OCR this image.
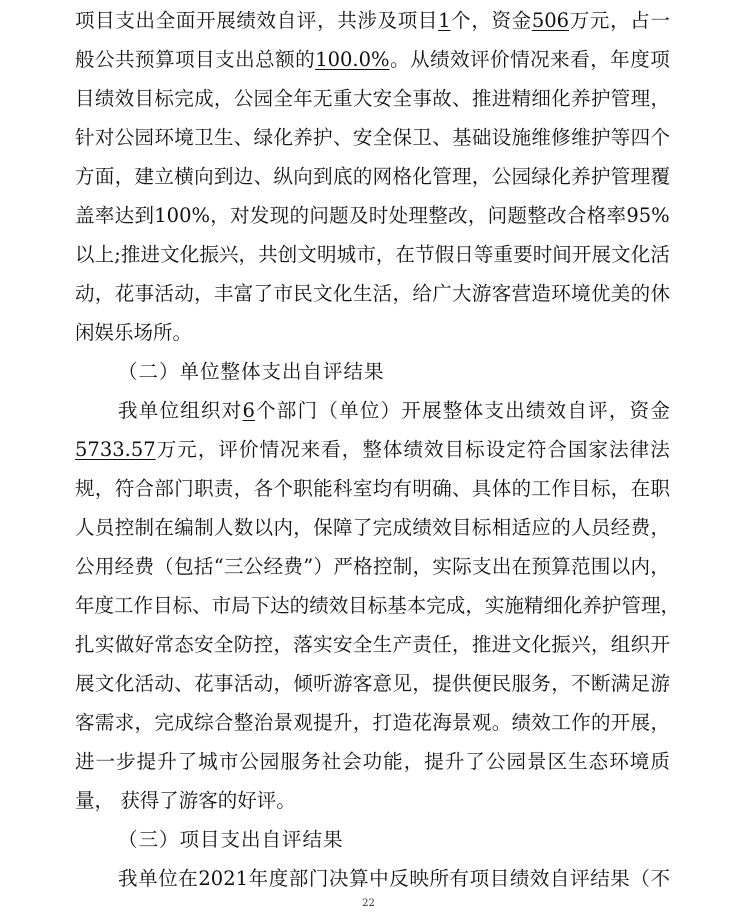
项 目 支 出 全 面 开 展 绩 效 自 评 ， 共 涉 及 项 目 1 个 ， 资 金 506 万 元 ， 占 一
般 公 共 预 算 项 目 支 出 总 额 的 100.0% 。 从 绩 效 评 价 情 况 来 看 ， 年 度 项
目 绩 效 目 标 完 成 ， 公 园 全 年 无 重 大 安 全 事 故 、 推 进 精 细 化 养 护 管 理 ，
针 对 公 园 环 境 卫 生 、 绿 化 养 护 、 安 全 保 卫 、 基 础 设 施 维 修 维 护 等 四 个
方 面 ， 建 立 横 向 到 边 、 纵 向 到 底 的 网 格 化 管 理 ， 公 园 绿 化 养 护 管 理 覆
盖 率 达 到 100% ， 对 发 现 的 问 题 及 时 处 理 整 改 ， 问 题 整 改 合 格 率 95%
以 上 ; 推 进 文 化 振 兴 ， 共 创 文 明 城 市 ， 在 节 假 日 等 重 要 时 间 开 展 文 化 活
动 ， 花 事 活 动 ， 丰 富 了 市 民 文 化 生 活 ， 给 广 大 游 客 营 造 环 境 优 美 的 休
闲娱乐场所。
（二）单位整体支出自评结果
我 单 位 组 织 对 6 个 部 门 （ 单 位 ） 开 展 整 体 支 出 绩 效 自 评 ， 资 金
5733.57 万 元 ， 评 价 情 况 来 看 ， 整 体 绩 效 目 标 设 定 符 合 国 家 法 律 法
规 ， 符 合 部 门 职 责 ， 各 个 职 能 科 室 均 有 明 确 、 具 体 的 工 作 目 标 ， 在 职
人 员 控 制 在 编 制 人 数 以 内 ， 保 障 了 完 成 绩 效 目 标 相 适 应 的 人 员 经 费 ，
公 用 经 费 （ 包 括 “ 三 公 经 费 ” ） 严 格 控 制 ， 实 际 支 出 在 预 算 范 围 以 内 ，
年 度 工 作 目 标 、 市 局 下 达 的 绩 效 目 标 基 本 完 成 ， 实 施 精 细 化 养 护 管 理 ，
扎 实 做 好 常 态 安 全 防 控 ， 落 实 安 全 生 产 责 任 ， 推 进 文 化 振 兴 ， 组 织 开
展 文 化 活 动 、 花 事 活 动 ， 倾 听 游 客 意 见 ， 提 供 便 民 服 务 ， 不 断 满 足 游
客 需 求 ， 完 成 综 合 整 治 景 观 提 升 ， 打 造 花 海 景 观 。 绩 效 工 作 的 开 展 ，
进 一 步 提 升 了 城 市 公 园 服 务 社 会 功 能 ， 提 升 了 公 园 景 区 生 态 环 境 质
量， 获得了游客的好评。
（三）项目支出自评结果
我 单 位 在 2021 年 度 部 门 决 算 中 反 映 所 有 项 目 绩 效 自 评 结 果 （ 不
22
